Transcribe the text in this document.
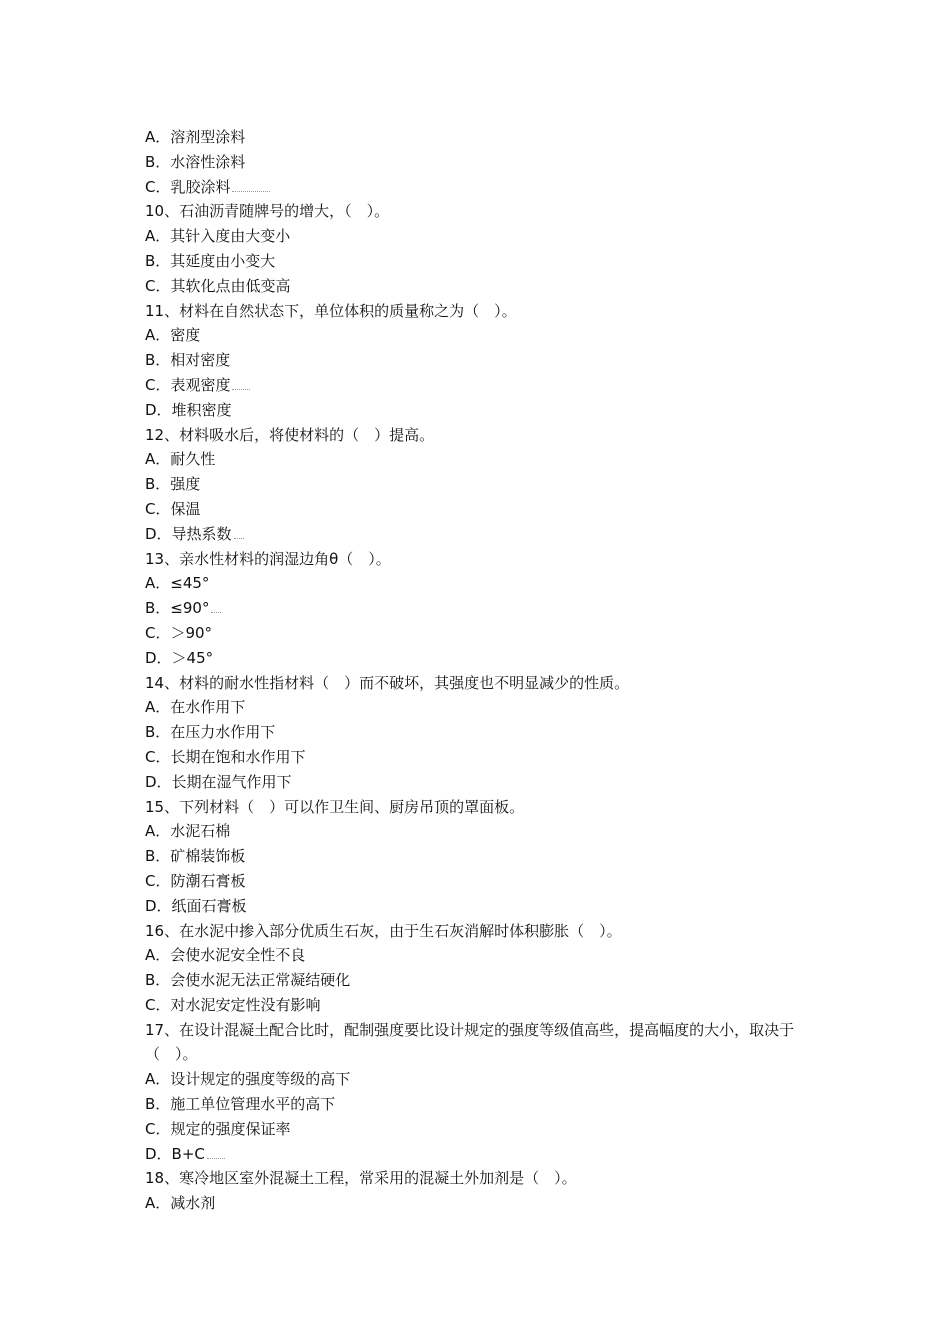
A．溶剂型涂料
B．水溶性涂料
C．乳胶涂料
10、石油沥青随牌号的增大，（　）。
A．其针入度由大变小
B．其延度由小变大
C．其软化点由低变高
11、材料在自然状态下，单位体积的质量称之为（　）。
A．密度
B．相对密度
C．表观密度
D．堆积密度
12、材料吸水后，将使材料的（　）提高。
A．耐久性
B．强度
C．保温
D．导热系数
13、亲水性材料的润湿边角θ（　）。
A．≤45°
B．≤90°
C．＞90°
D．＞45°
14、材料的耐水性指材料（　）而不破坏，其强度也不明显减少的性质。
A．在水作用下
B．在压力水作用下
C．长期在饱和水作用下
D．长期在湿气作用下
15、下列材料（　）可以作卫生间、厨房吊顶的罩面板。
A．水泥石棉
B．矿棉装饰板
C．防潮石膏板
D．纸面石膏板
16、在水泥中掺入部分优质生石灰，由于生石灰消解时体积膨胀（　）。
A．会使水泥安全性不良
B．会使水泥无法正常凝结硬化
C．对水泥安定性没有影响
17、在设计混凝土配合比时，配制强度要比设计规定的强度等级值高些，提高幅度的大小，取决于（　）。
A．设计规定的强度等级的高下
B．施工单位管理水平的高下
C．规定的强度保证率
D．B+C
18、寒冷地区室外混凝土工程，常采用的混凝土外加剂是（　）。
A．减水剂
